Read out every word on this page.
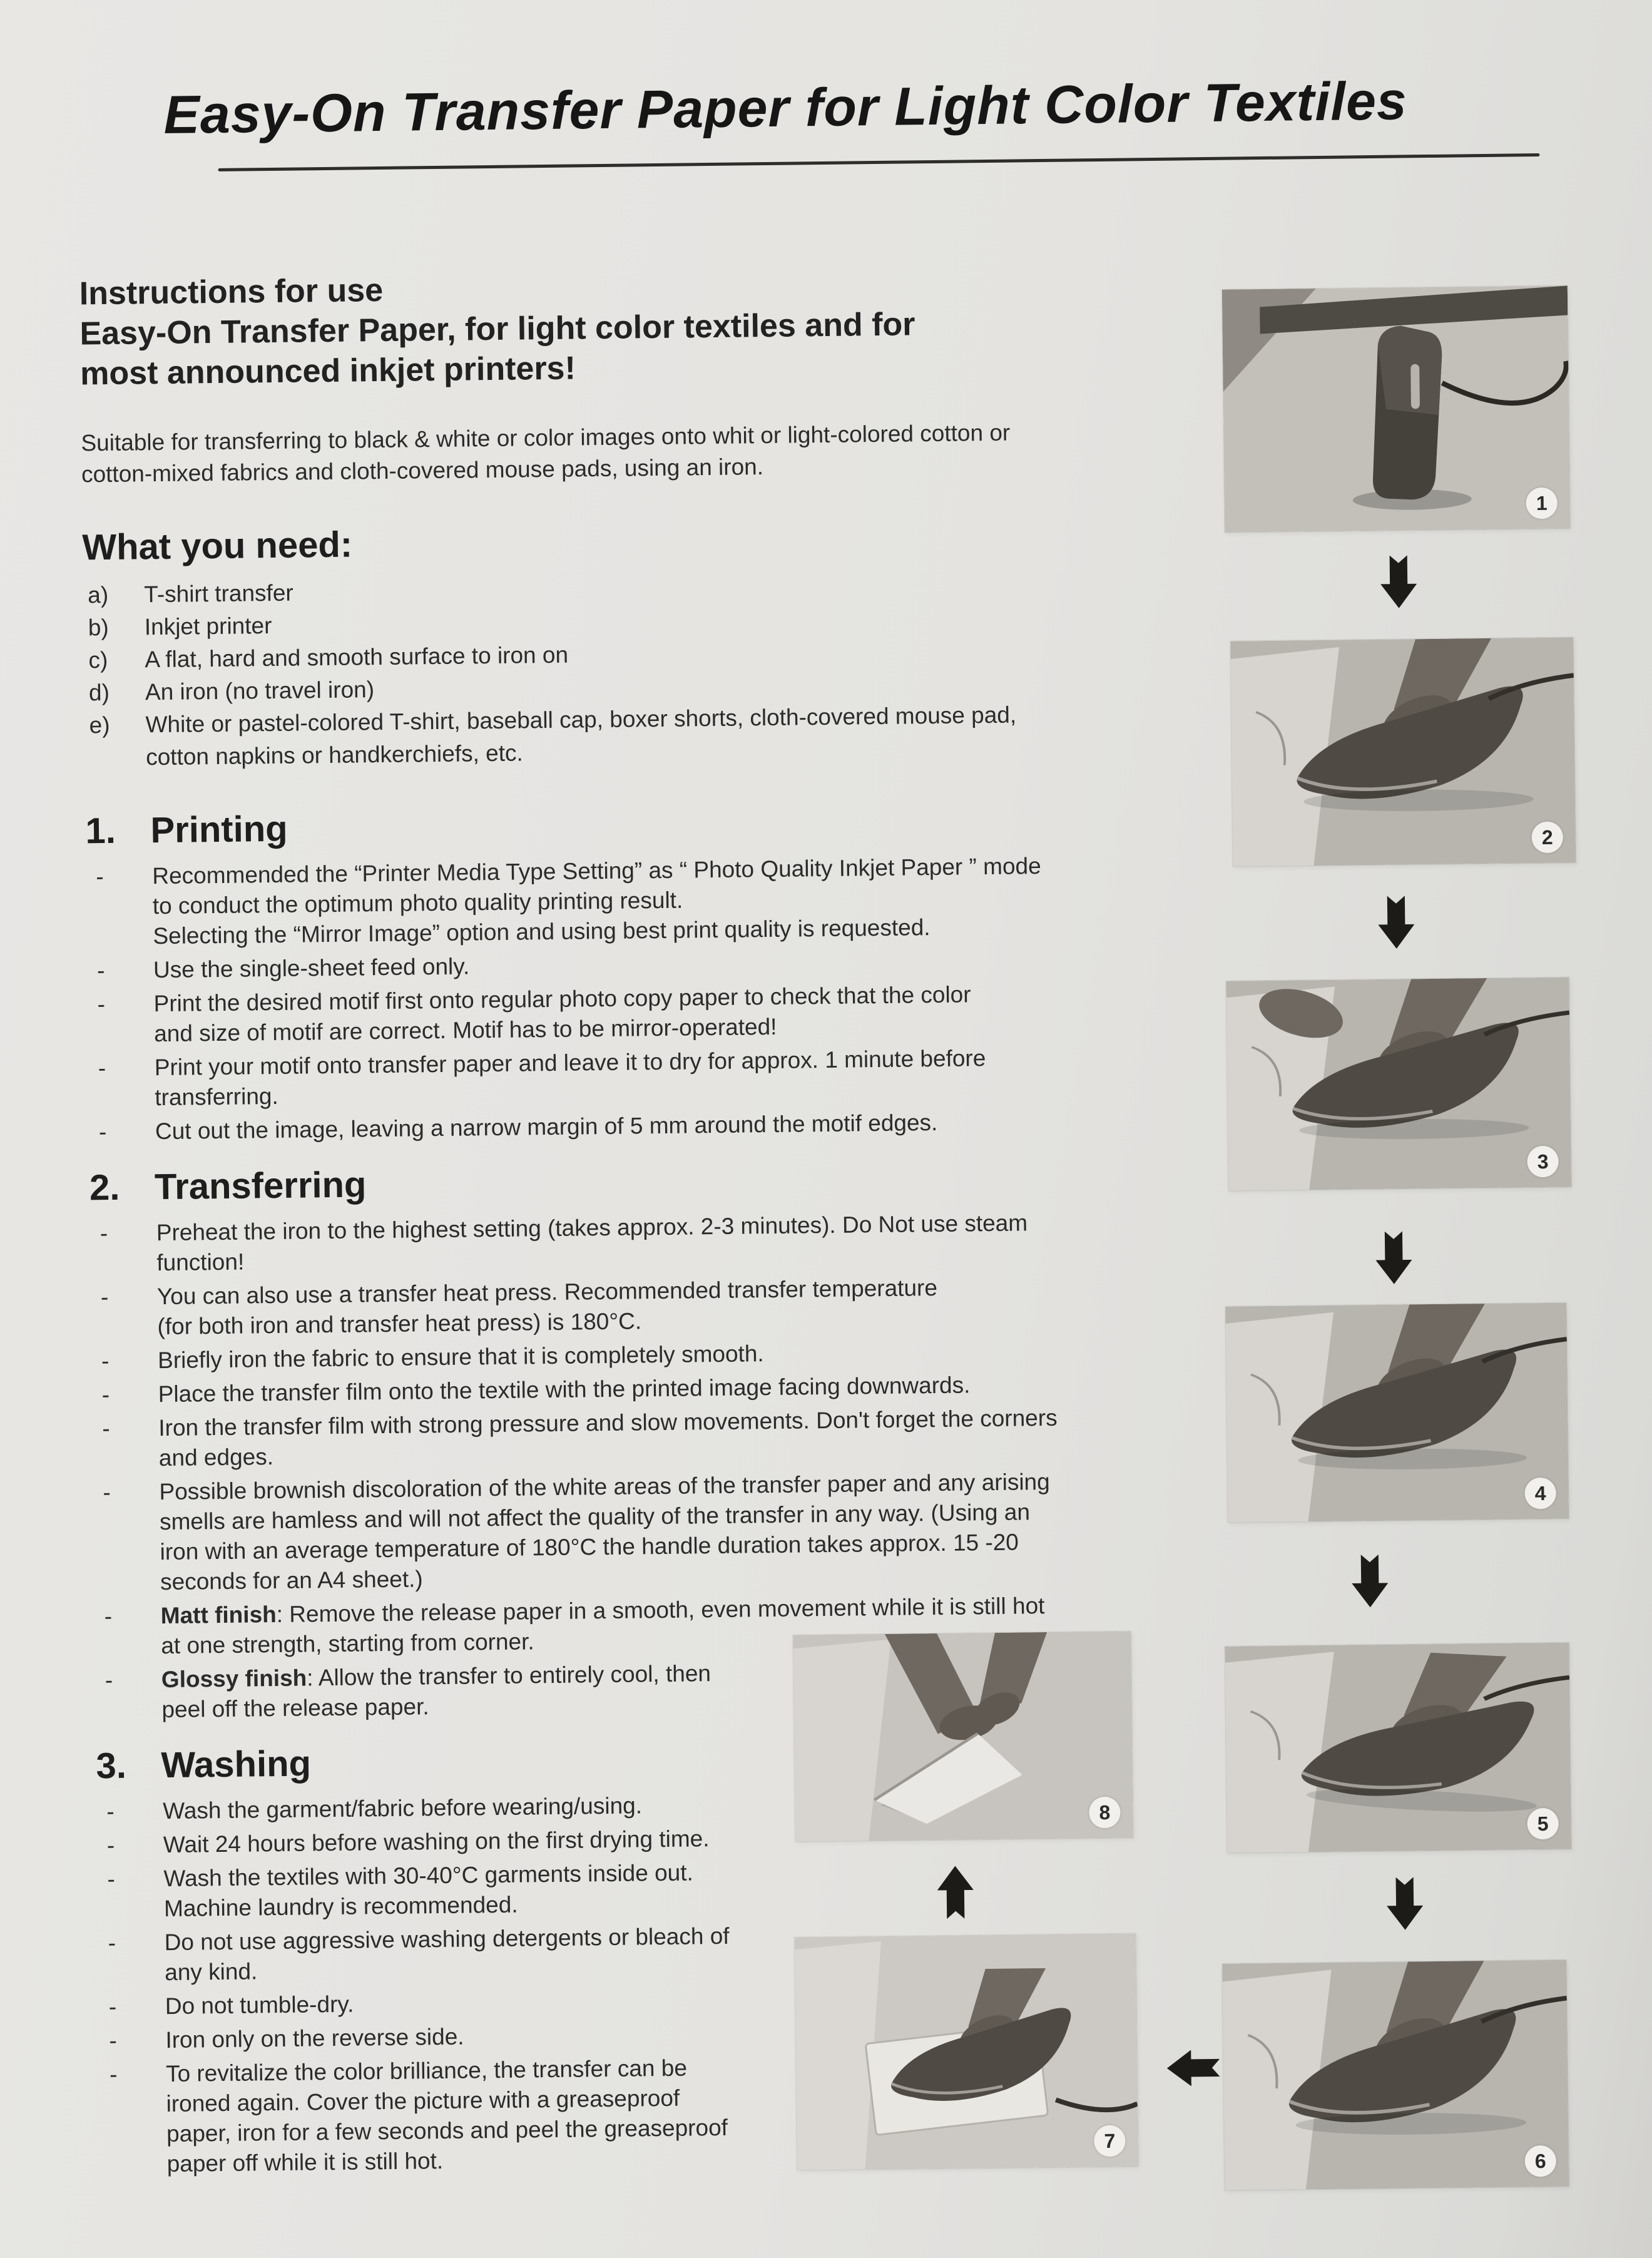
Easy-On Transfer Paper for Light Color Textiles
Instructions for use
Easy-On Transfer Paper, for light color textiles and for
most announced inkjet printers!
Suitable for transferring to black & white or color images onto whit or light-colored cotton or
cotton-mixed fabrics and cloth-covered mouse pads, using an iron.
What you need:
a)	T-shirt transfer
b)	Inkjet printer
c)	A flat, hard and smooth surface to iron on
d)	An iron (no travel iron)
e)	White or pastel-colored T-shirt, baseball cap, boxer shorts, cloth-covered mouse pad,
cotton napkins or handkerchiefs, etc.
1. Printing
-	Recommended the “Printer Media Type Setting” as “ Photo Quality Inkjet Paper ” mode
to conduct the optimum photo quality printing result.
Selecting the “Mirror Image” option and using best print quality is requested.
-	Use the single-sheet feed only.
-	Print the desired motif first onto regular photo copy paper to check that the color
and size of motif are correct. Motif has to be mirror-operated!
-	Print your motif onto transfer paper and leave it to dry for approx. 1 minute before
transferring.
-	Cut out the image, leaving a narrow margin of 5 mm around the motif edges.
2. Transferring
-	Preheat the iron to the highest setting (takes approx. 2-3 minutes). Do Not use steam
function!
-	You can also use a transfer heat press. Recommended transfer temperature
(for both iron and transfer heat press) is 180°C.
-	Briefly iron the fabric to ensure that it is completely smooth.
-	Place the transfer film onto the textile with the printed image facing downwards.
-	Iron the transfer film with strong pressure and slow movements. Don't forget the corners
and edges.
-	Possible brownish discoloration of the white areas of the transfer paper and any arising
smells are hamless and will not affect the quality of the transfer in any way. (Using an
iron with an average temperature of 180°C the handle duration takes approx. 15 -20
seconds for an A4 sheet.)
-	Matt finish: Remove the release paper in a smooth, even movement while it is still hot
at one strength, starting from corner.
-	Glossy finish: Allow the transfer to entirely cool, then
peel off the release paper.
3. Washing
-	Wash the garment/fabric before wearing/using.
-	Wait 24 hours before washing on the first drying time.
-	Wash the textiles with 30-40°C garments inside out.
Machine laundry is recommended.
-	Do not use aggressive washing detergents or bleach of
any kind.
-	Do not tumble-dry.
-	Iron only on the reverse side.
-	To revitalize the color brilliance, the transfer can be
ironed again. Cover the picture with a greaseproof
paper, iron for a few seconds and peel the greaseproof
paper off while it is still hot.
1
2
3
4
5
6
7
8
